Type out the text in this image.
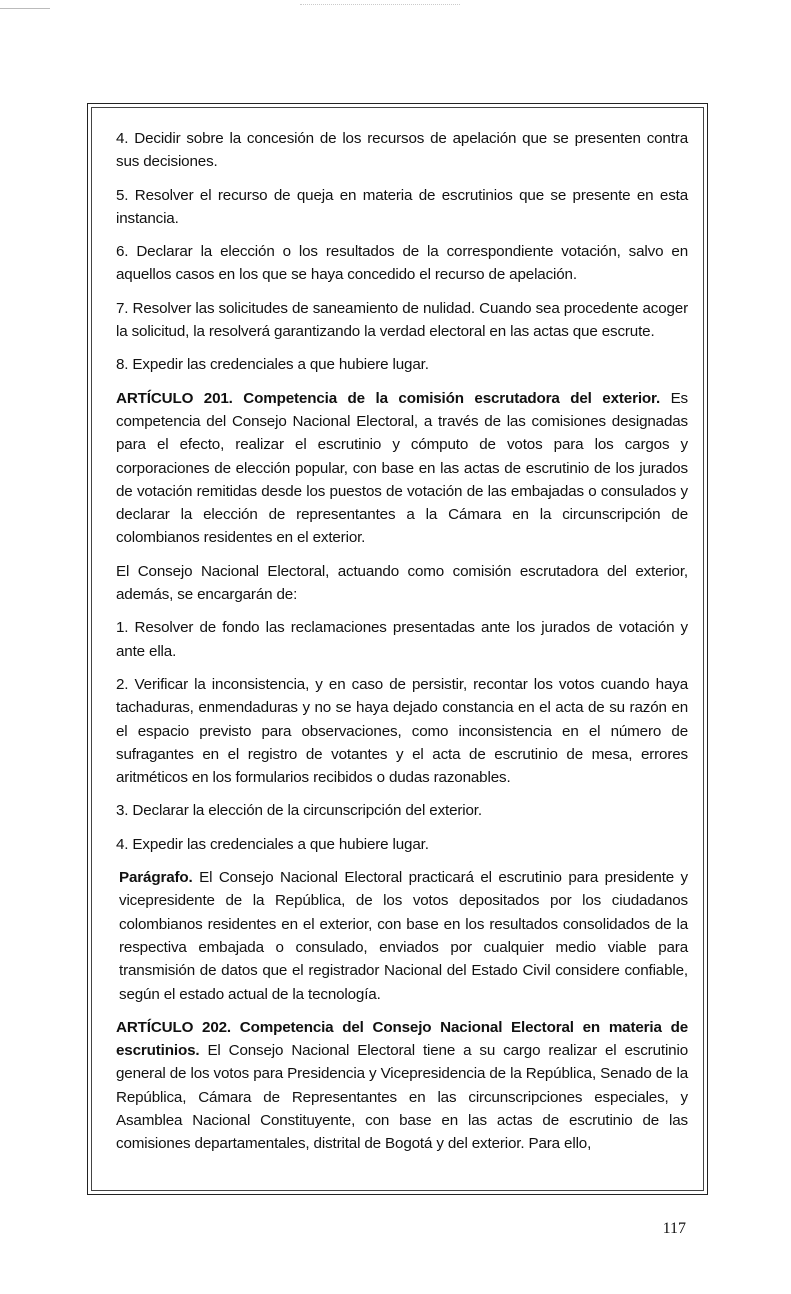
4. Decidir sobre la concesión de los recursos de apelación que se presenten contra sus decisiones.

5. Resolver el recurso de queja en materia de escrutinios que se presente en esta instancia.

6. Declarar la elección o los resultados de la correspondiente votación, salvo en aquellos casos en los que se haya concedido el recurso de apelación.

7. Resolver las solicitudes de saneamiento de nulidad. Cuando sea procedente acoger la solicitud, la resolverá garantizando la verdad electoral en las actas que escrute.

8. Expedir las credenciales a que hubiere lugar.

ARTÍCULO 201. Competencia de la comisión escrutadora del exterior. Es competencia del Consejo Nacional Electoral, a través de las comisiones designadas para el efecto, realizar el escrutinio y cómputo de votos para los cargos y corporaciones de elección popular, con base en las actas de escrutinio de los jurados de votación remitidas desde los puestos de votación de las embajadas o consulados y declarar la elección de representantes a la Cámara en la circunscripción de colombianos residentes en el exterior.

El Consejo Nacional Electoral, actuando como comisión escrutadora del exterior, además, se encargarán de:

1. Resolver de fondo las reclamaciones presentadas ante los jurados de votación y ante ella.

2. Verificar la inconsistencia, y en caso de persistir, recontar los votos cuando haya tachaduras, enmendaduras y no se haya dejado constancia en el acta de su razón en el espacio previsto para observaciones, como inconsistencia en el número de sufragantes en el registro de votantes y el acta de escrutinio de mesa, errores aritméticos en los formularios recibidos o dudas razonables.

3. Declarar la elección de la circunscripción del exterior.

4. Expedir las credenciales a que hubiere lugar.

Parágrafo. El Consejo Nacional Electoral practicará el escrutinio para presidente y vicepresidente de la República, de los votos depositados por los ciudadanos colombianos residentes en el exterior, con base en los resultados consolidados de la respectiva embajada o consulado, enviados por cualquier medio viable para transmisión de datos que el registrador Nacional del Estado Civil considere confiable, según el estado actual de la tecnología.

ARTÍCULO 202. Competencia del Consejo Nacional Electoral en materia de escrutinios. El Consejo Nacional Electoral tiene a su cargo realizar el escrutinio general de los votos para Presidencia y Vicepresidencia de la República, Senado de la República, Cámara de Representantes en las circunscripciones especiales, y Asamblea Nacional Constituyente, con base en las actas de escrutinio de las comisiones departamentales, distrital de Bogotá y del exterior. Para ello,

117
